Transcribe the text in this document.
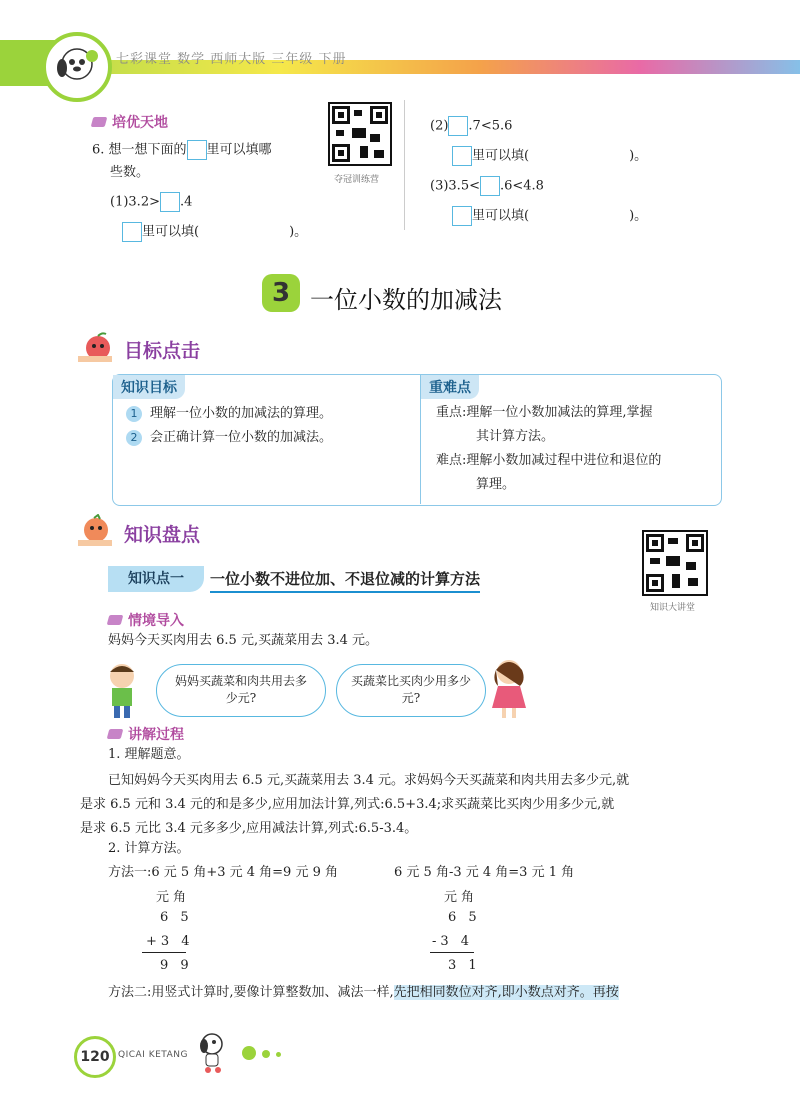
七彩课堂 数学 西师大版 三年级 下册
培优天地
6. 想一想下面的 里可以填哪
些数。
(1)3.2> .4
里可以填(	)。
夺冠训练营
(2) .7<5.6
里可以填(	)。
(3)3.5< .6<4.8
里可以填(	)。
3 一位小数的加减法
目标点击
知识目标	重难点
1 理解一位小数的加减法的算理。
2 会正确计算一位小数的加减法。
重点:理解一位小数加减法的算理,掌握
其计算方法。
难点:理解小数加减过程中进位和退位的
算理。
知识盘点
知识点一	一位小数不进位加、不退位减的计算方法
知识大讲堂
情境导入
妈妈今天买肉用去 6.5 元,买蔬菜用去 3.4 元。
妈妈买蔬菜和肉共用去多少元?
买蔬菜比买肉少用多少元?
讲解过程
1. 理解题意。
已知妈妈今天买肉用去 6.5 元,买蔬菜用去 3.4 元。求妈妈今天买蔬菜和肉共用去多少元,就
是求 6.5 元和 3.4 元的和是多少,应用加法计算,列式:6.5+3.4;求买蔬菜比买肉少用多少元,就
是求 6.5 元比 3.4 元多多少,应用减法计算,列式:6.5-3.4。
2. 计算方法。
方法一:6 元 5 角+3 元 4 角=9 元 9 角	6 元 5 角-3 元 4 角=3 元 1 角
元角
6 5
+3 4
9 9
元角
6 5
-3 4
3 1
方法二:用竖式计算时,要像计算整数加、减法一样,先把相同数位对齐,即小数点对齐。再按
120 QICAI KETANG
